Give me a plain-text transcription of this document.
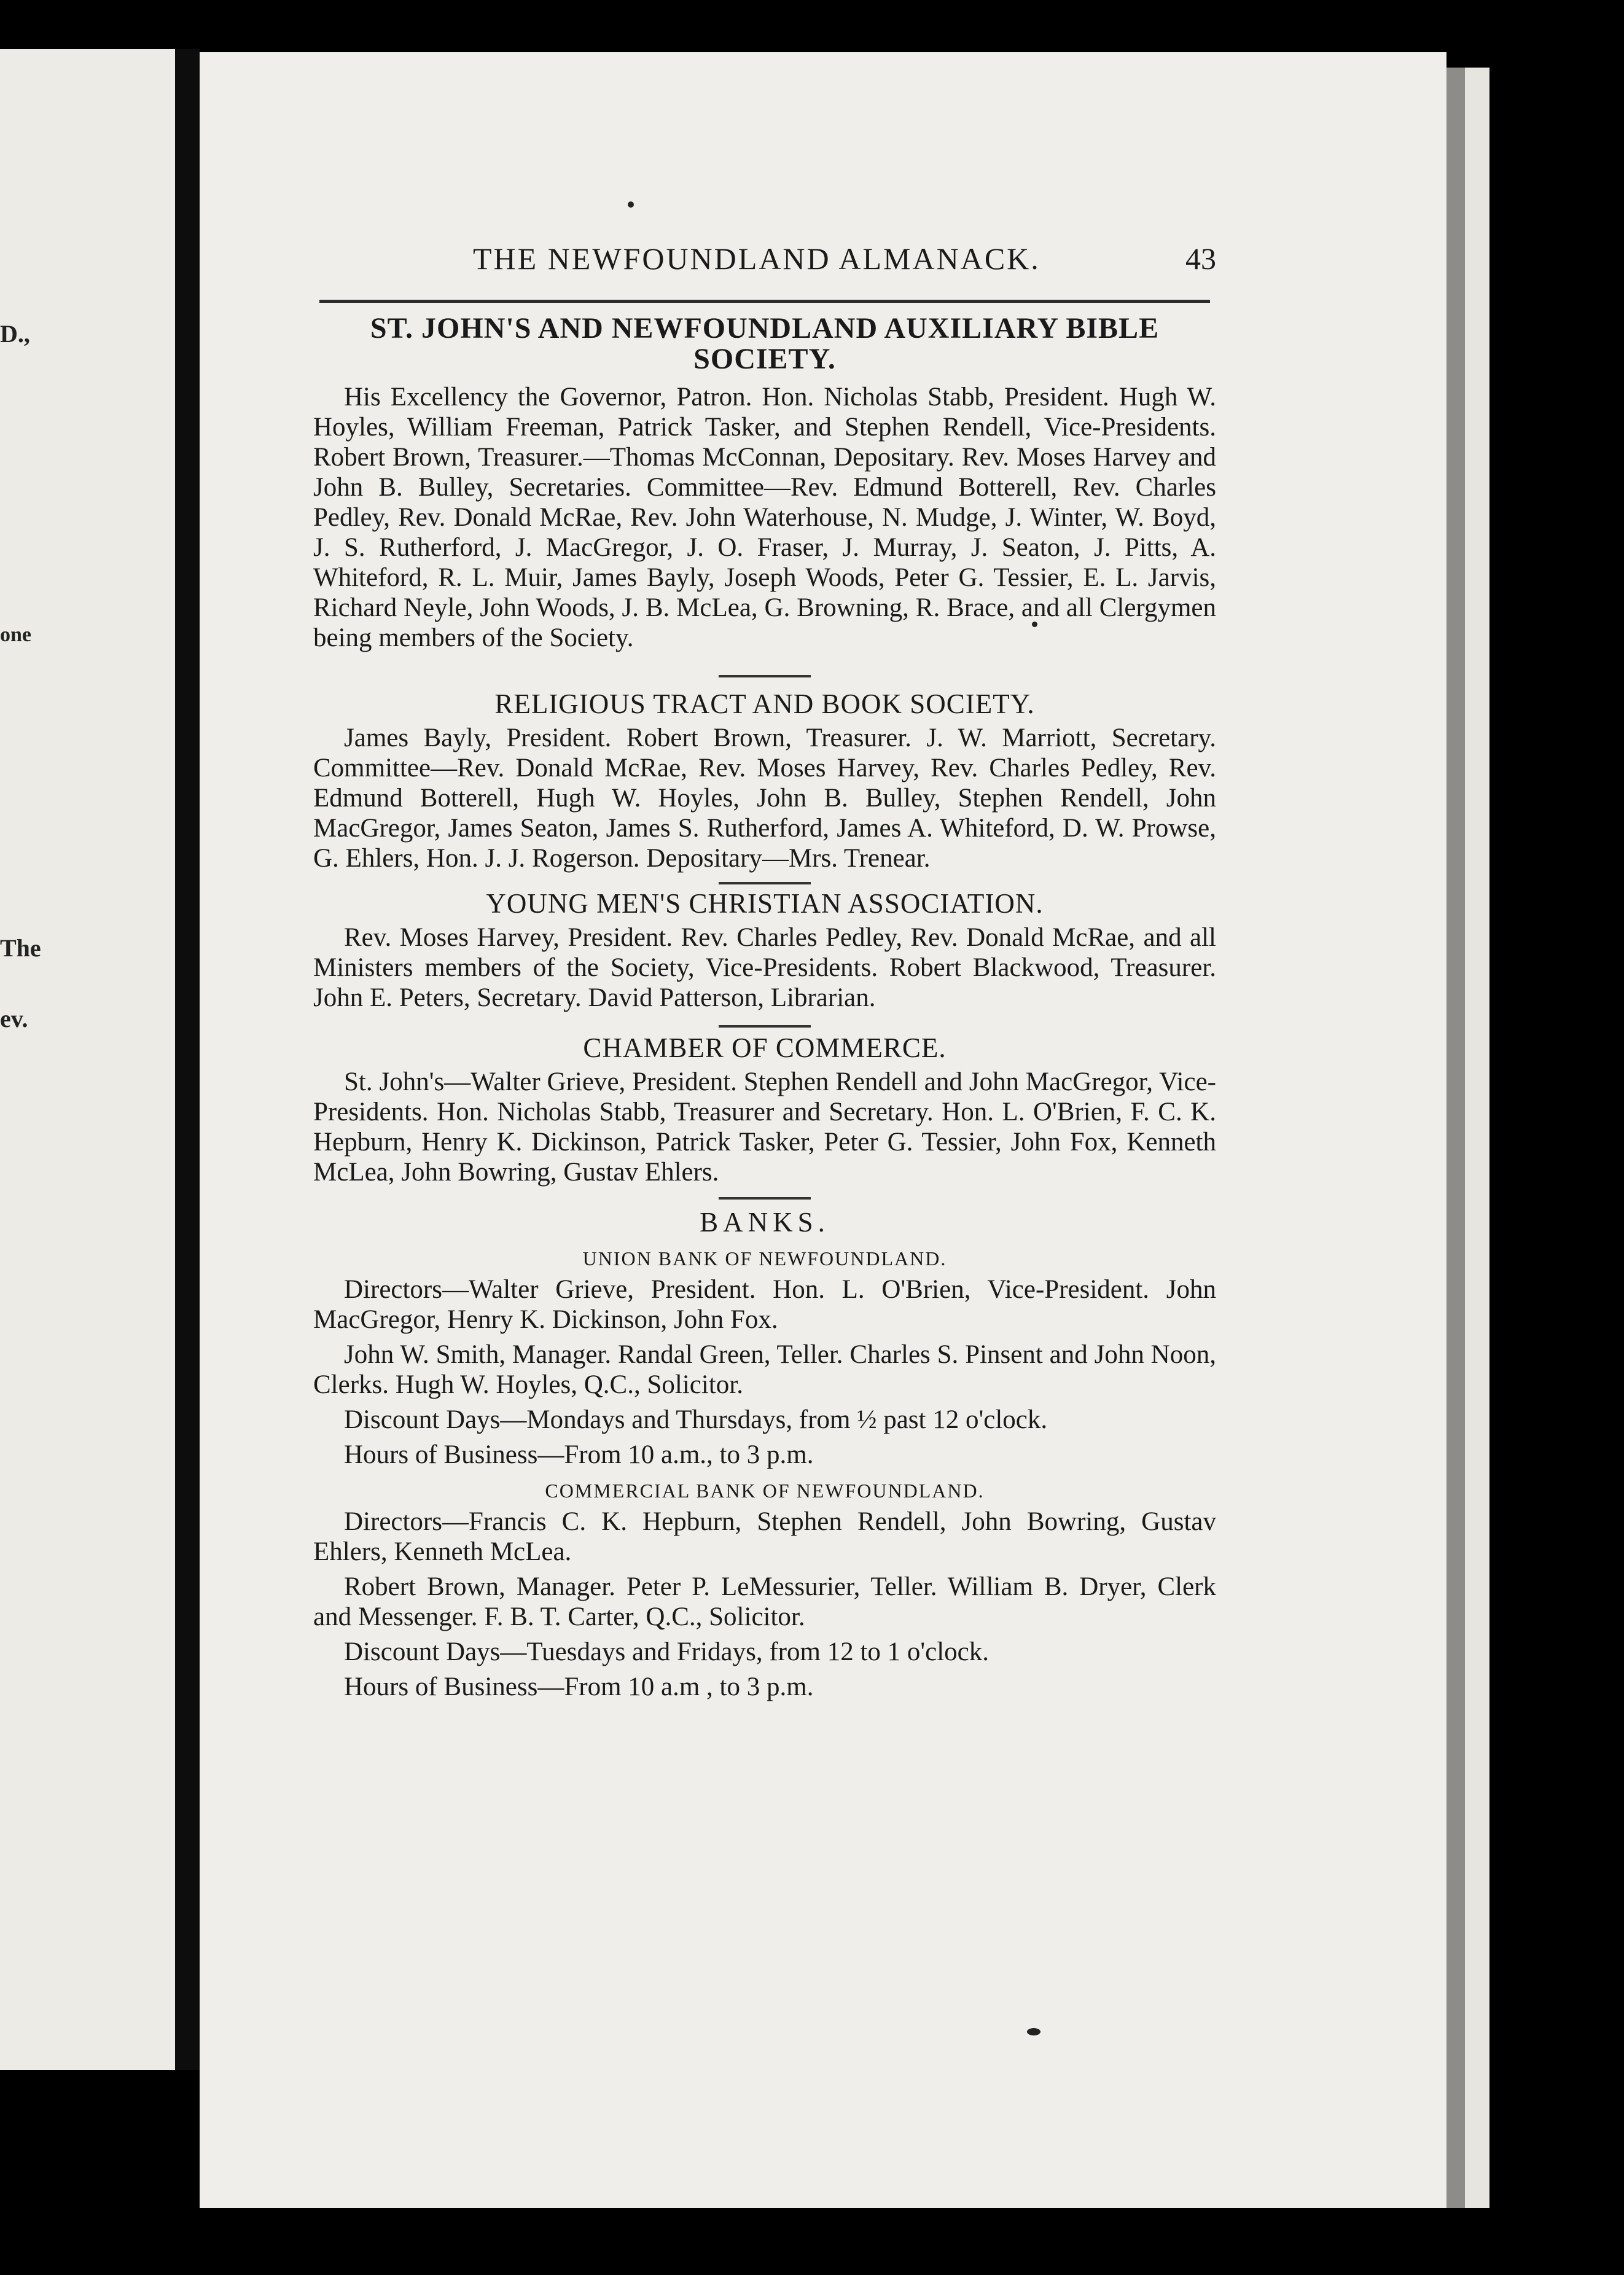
D.,
one
The
ev.
THE NEWFOUNDLAND ALMANACK.	43
ST. JOHN'S AND NEWFOUNDLAND AUXILIARY BIBLE SOCIETY.

His Excellency the Governor, Patron. Hon. Nicholas Stabb, President. Hugh W. Hoyles, William Freeman, Patrick Tasker, and Stephen Rendell, Vice-Presidents. Robert Brown, Treasurer.—Thomas McConnan, Depositary. Rev. Moses Harvey and John B. Bulley, Secretaries. Committee—Rev. Edmund Botterell, Rev. Charles Pedley, Rev. Donald McRae, Rev. John Waterhouse, N. Mudge, J. Winter, W. Boyd, J. S. Rutherford, J. MacGregor, J. O. Fraser, J. Murray, J. Seaton, J. Pitts, A. Whiteford, R. L. Muir, James Bayly, Joseph Woods, Peter G. Tessier, E. L. Jarvis, Richard Neyle, John Woods, J. B. McLea, G. Browning, R. Brace, and all Clergymen being members of the Society.

RELIGIOUS TRACT AND BOOK SOCIETY.

James Bayly, President. Robert Brown, Treasurer. J. W. Marriott, Secretary. Committee—Rev. Donald McRae, Rev. Moses Harvey, Rev. Charles Pedley, Rev. Edmund Botterell, Hugh W. Hoyles, John B. Bulley, Stephen Rendell, John MacGregor, James Seaton, James S. Rutherford, James A. Whiteford, D. W. Prowse, G. Ehlers, Hon. J. J. Rogerson. Depositary—Mrs. Trenear.

YOUNG MEN'S CHRISTIAN ASSOCIATION.

Rev. Moses Harvey, President. Rev. Charles Pedley, Rev. Donald McRae, and all Ministers members of the Society, Vice-Presidents. Robert Blackwood, Treasurer. John E. Peters, Secretary. David Patterson, Librarian.

CHAMBER OF COMMERCE.

St. John's—Walter Grieve, President. Stephen Rendell and John MacGregor, Vice-Presidents. Hon. Nicholas Stabb, Treasurer and Secretary. Hon. L. O'Brien, F. C. K. Hepburn, Henry K. Dickinson, Patrick Tasker, Peter G. Tessier, John Fox, Kenneth McLea, John Bowring, Gustav Ehlers.

BANKS.
UNION BANK OF NEWFOUNDLAND.

Directors—Walter Grieve, President. Hon. L. O'Brien, Vice-President. John MacGregor, Henry K. Dickinson, John Fox.

John W. Smith, Manager. Randal Green, Teller. Charles S. Pinsent and John Noon, Clerks. Hugh W. Hoyles, Q.C., Solicitor.

Discount Days—Mondays and Thursdays, from ½ past 12 o'clock.

Hours of Business—From 10 a.m., to 3 p.m.

COMMERCIAL BANK OF NEWFOUNDLAND.

Directors—Francis C. K. Hepburn, Stephen Rendell, John Bowring, Gustav Ehlers, Kenneth McLea.

Robert Brown, Manager. Peter P. LeMessurier, Teller. William B. Dryer, Clerk and Messenger. F. B. T. Carter, Q.C., Solicitor.

Discount Days—Tuesdays and Fridays, from 12 to 1 o'clock.

Hours of Business—From 10 a.m , to 3 p.m.
